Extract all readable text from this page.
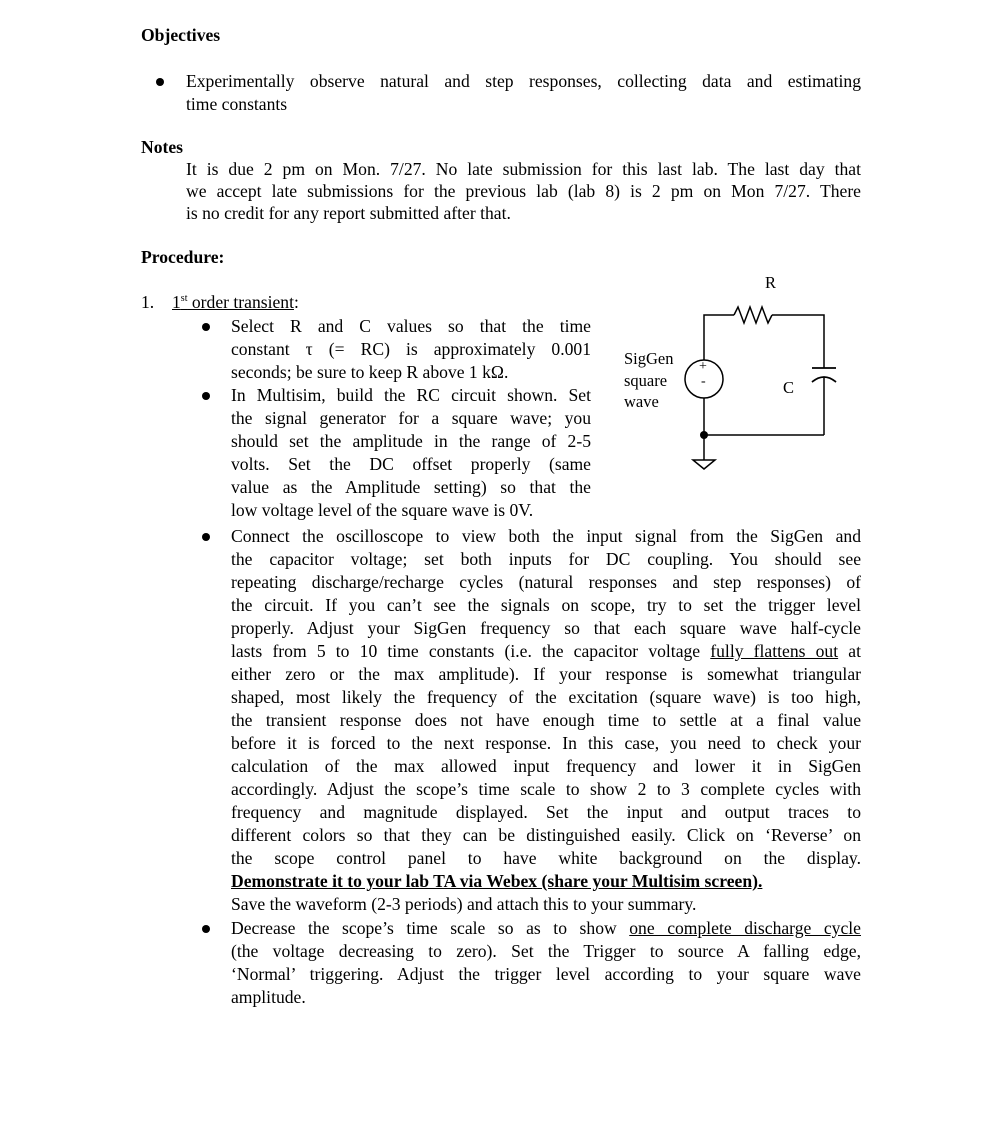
Objectives
Experimentally observe natural and step responses, collecting data and estimating
time constants
Notes
It is due 2 pm on Mon. 7/27. No late submission for this last lab. The last day that
we accept late submissions for the previous lab (lab 8) is 2 pm on Mon 7/27. There
is no credit for any report submitted after that.
Procedure:
1. 1st order transient:
Select R and C values so that the time
constant τ (= RC) is approximately 0.001
seconds; be sure to keep R above 1 kΩ.
In Multisim, build the RC circuit shown. Set
the signal generator for a square wave; you
should set the amplitude in the range of 2-5
volts. Set the DC offset properly (same
value as the Amplitude setting) so that the
low voltage level of the square wave is 0V.
R
C
SigGen
square
wave
+
-
Connect the oscilloscope to view both the input signal from the SigGen and
the capacitor voltage; set both inputs for DC coupling. You should see
repeating discharge/recharge cycles (natural responses and step responses) of
the circuit. If you can’t see the signals on scope, try to set the trigger level
properly. Adjust your SigGen frequency so that each square wave half-cycle
lasts from 5 to 10 time constants (i.e. the capacitor voltage fully flattens out at
either zero or the max amplitude). If your response is somewhat triangular
shaped, most likely the frequency of the excitation (square wave) is too high,
the transient response does not have enough time to settle at a final value
before it is forced to the next response. In this case, you need to check your
calculation of the max allowed input frequency and lower it in SigGen
accordingly. Adjust the scope’s time scale to show 2 to 3 complete cycles with
frequency and magnitude displayed. Set the input and output traces to
different colors so that they can be distinguished easily. Click on ‘Reverse’ on
the scope control panel to have white background on the display.
Demonstrate it to your lab TA via Webex (share your Multisim screen).
Save the waveform (2-3 periods) and attach this to your summary.
Decrease the scope’s time scale so as to show one complete discharge cycle
(the voltage decreasing to zero). Set the Trigger to source A falling edge,
‘Normal’ triggering. Adjust the trigger level according to your square wave
amplitude.
